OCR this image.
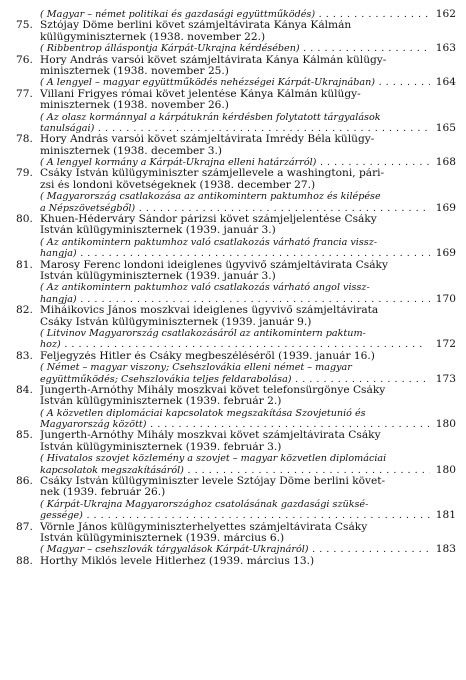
( Magyar – német politikai és gazdasági együttműködés) . . .	162
75. Sztójay Döme berlini követ számjeltávirata Kánya Kálmán
külügyminiszternek (1938. november 22.)
( Ribbentrop álláspontja Kárpát-Ukrajna kérdésében) . . .	163
76. Hory András varsói követ számjeltávirata Kánya Kálmán külügy-
miniszternek (1938. november 25.)
( A lengyel – magyar együttműködés nehézségei Kárpát-Ukrajnában) . . .	164
77. Villani Frigyes római követ jelentése Kánya Kálmán külügy-
miniszternek (1938. november 26.)
( Az olasz kormánnyal a kárpátukrán kérdésben folytatott tárgyalások
tanulságai) . . .	165
78. Hory András varsói követ számjeltávirata Imrédy Béla külügy-
miniszternek (1938. december 3.)
( A lengyel kormány a Kárpát-Ukrajna elleni határzárról) . . .	168
79. Csáky István külügyminiszter számjellevele a washingtoni, pári-
zsi és londoni követségeknek (1938. december 27.)
( Magyarország csatlakozása az antikomintern paktumhoz és kilépése
a Népszövetségből) . . .	169
80. Khuen-Héderváry Sándor párizsi követ számjeljelentése Csáky
István külügyminiszternek (1939. január 3.)
( Az antikomintern paktumhoz való csatlakozás várható francia vissz-
hangja) . . .	169
81. Marosy Ferenc londoni ideiglenes ügyvivő számjeltávirata Csáky
István külügyminiszternek (1939. január 3.)
( Az antikomintern paktumhoz való csatlakozás várható angol vissz-
hangja) . . .	170
82. Miháikovics János moszkvai ideiglenes ügyvivő számjeltávirata
Csáky István külügyminiszternek (1939. január 9.)
( Litvinov Magyarország csatlakozásáról az antikomintern paktum-
hoz) . . .	172
83. Feljegyzés Hitler és Csáky megbeszéléséről (1939. január 16.)
( Német – magyar viszony; Csehszlovákia elleni német – magyar
együttműködés; Csehszlovákia teljes feldarabolása) . . .	173
84. Jungerth-Arnóthy Mihály moszkvai követ telefonsürgönye Csáky
István külügyminiszternek (1939. február 2.)
( A közvetlen diplomáciai kapcsolatok megszakítása Szovjetunió és
Magyarország között) . . .	180
85. Jungerth-Arnóthy Mihály moszkvai követ számjeltávirata Csáky
István külügyminiszternek (1939. február 3.)
( Hivatalos szovjet közlemény a szovjet – magyar közvetlen diplomáciai
kapcsolatok megszakításáról) . . .	180
86. Csáky István külügyminiszter levele Sztójay Döme berlini követ-
nek (1939. február 26.)
( Kárpát-Ukrajna Magyarországhoz csatolásának gazdasági szüksé-
gessége) . . .	181
87. Vörnle János külügyminiszterhelyettes számjeltávirata Csáky
István külügyminiszternek (1939. március 6.)
( Magyar – csehszlovák tárgyalások Kárpát-Ukrajnáról) . . .	183
88. Horthy Miklós levele Hitlerhez (1939. március 13.)
